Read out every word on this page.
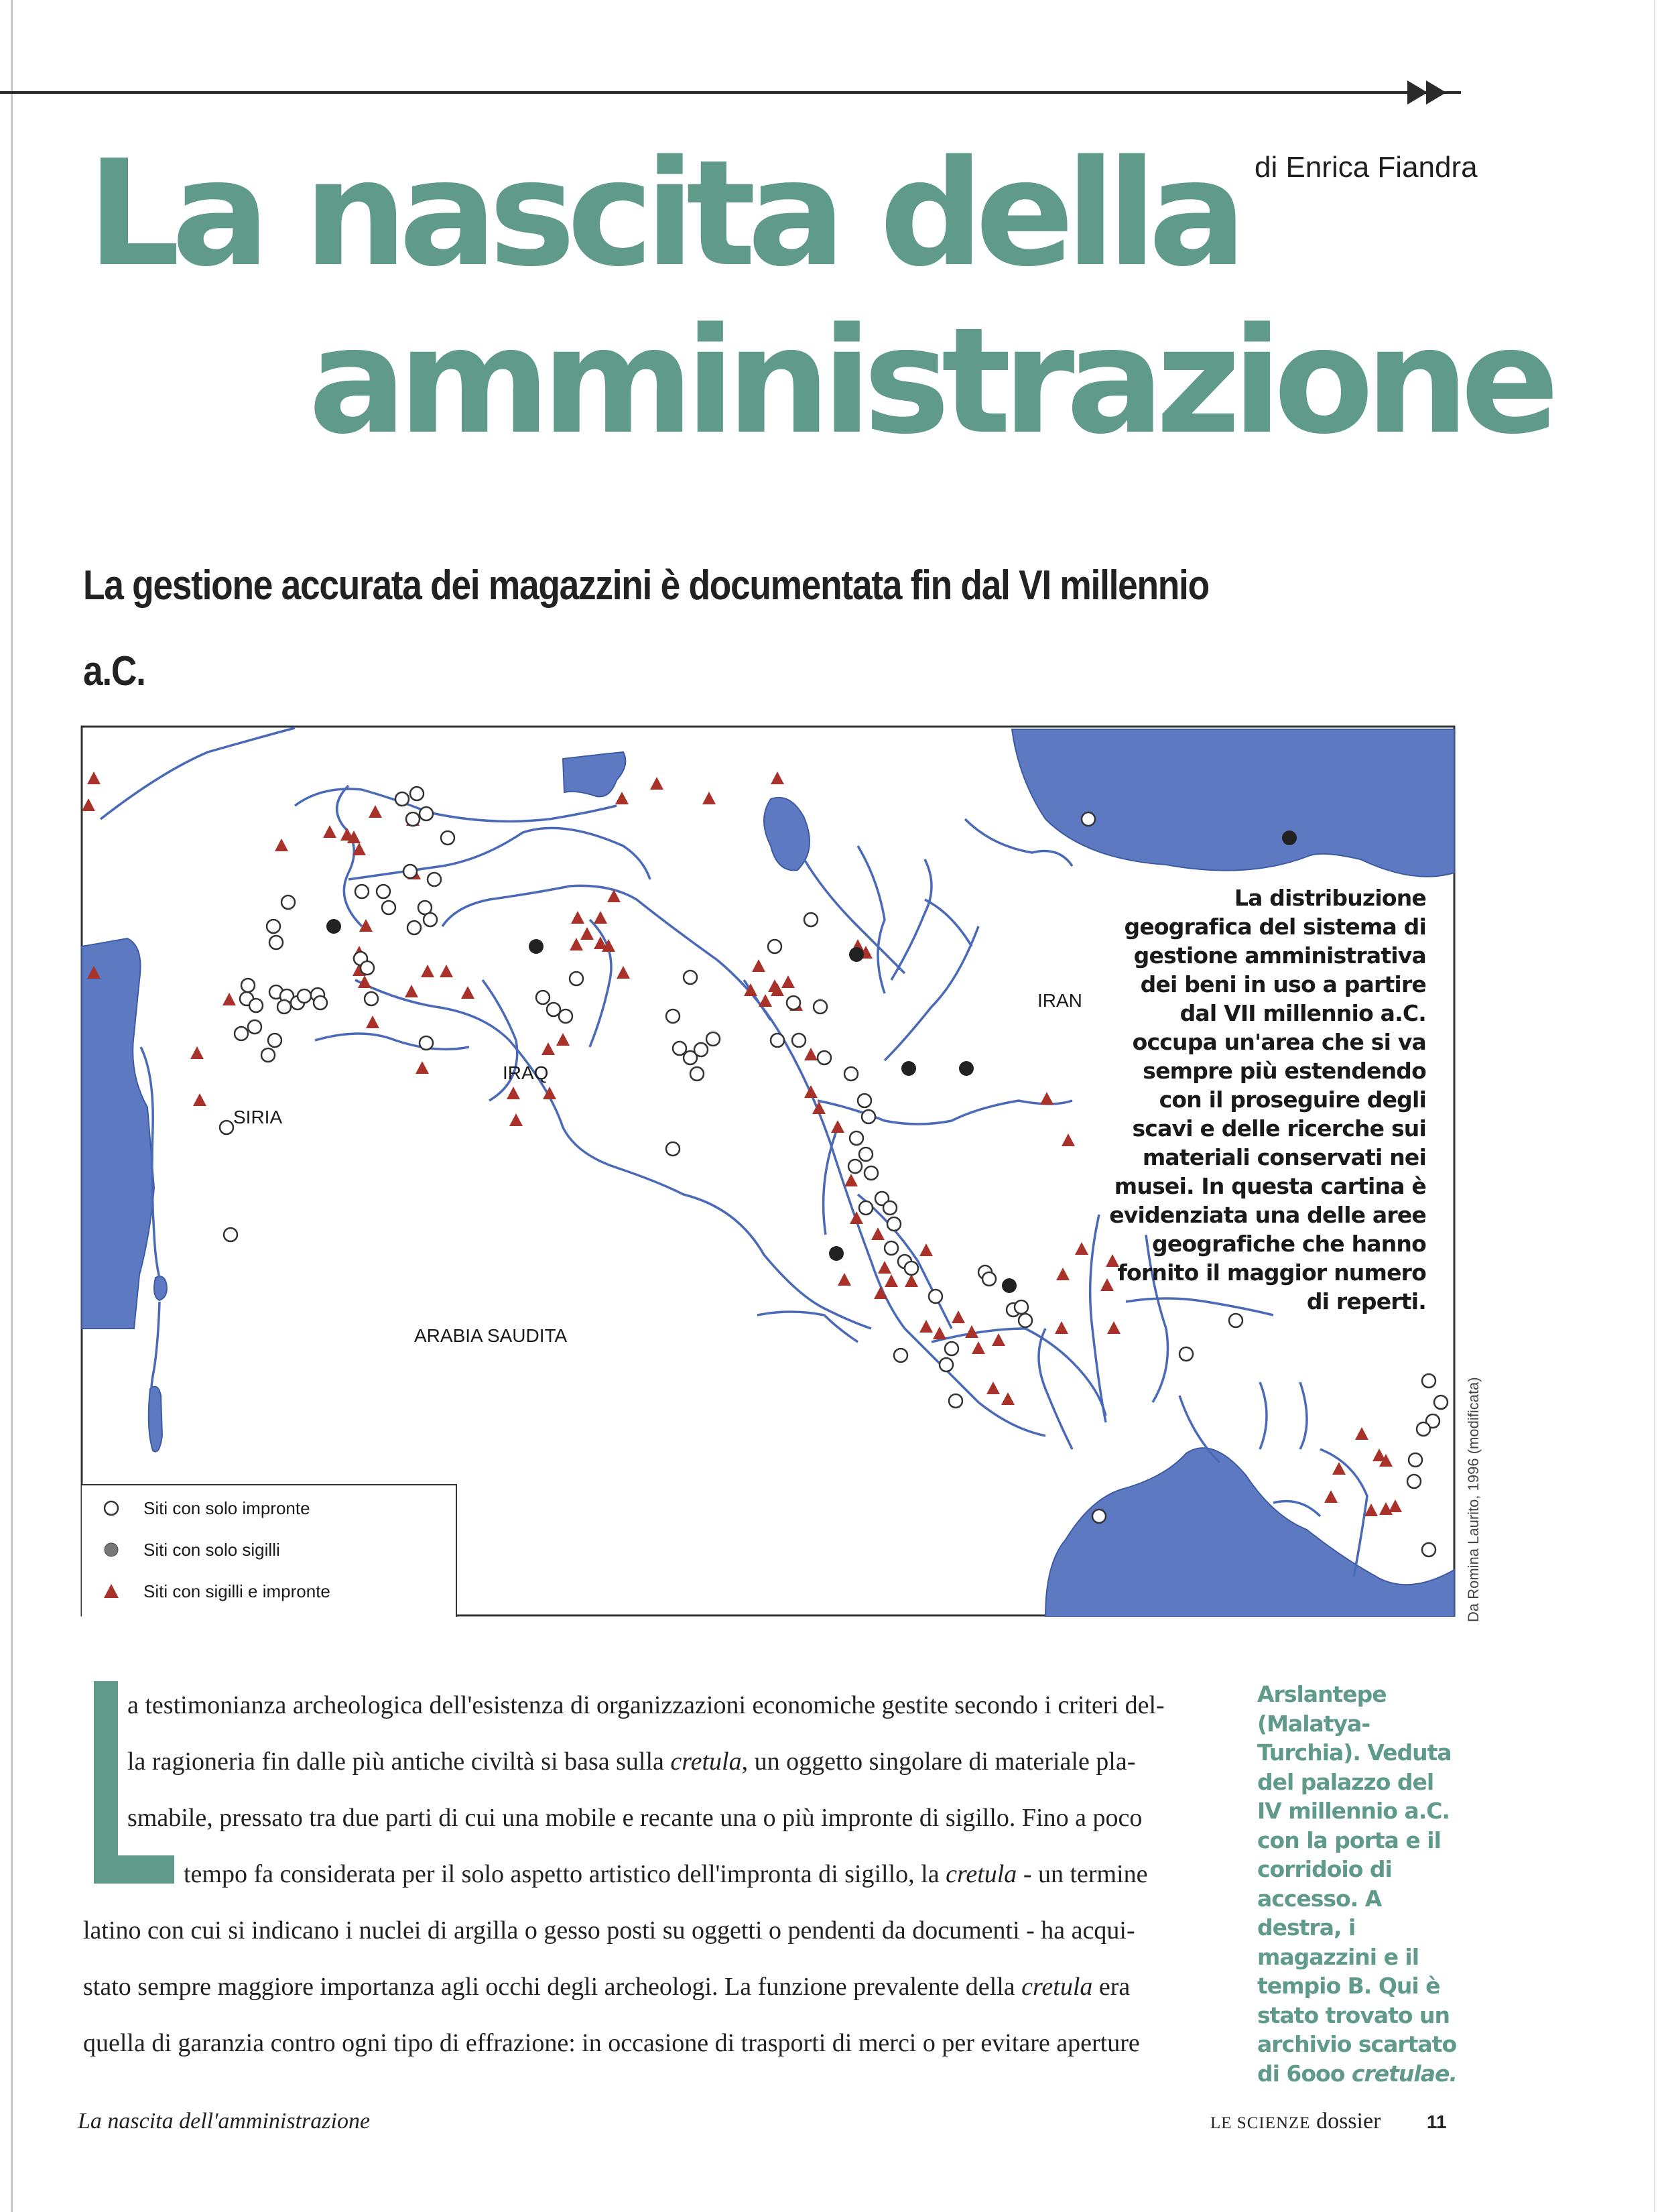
La nascita della
amministrazione
di Enrica Fiandra
La gestione accurata dei magazzini è documentata fin dal VI millennio a.C.

SIRIA
IRAQ
IRAN
ARABIA SAUDITA
La distribuzione geografica del sistema di gestione amministrativa dei beni in uso a partire dal VII millennio a.C. occupa un'area che si va sempre più estendendo con il proseguire degli scavi e delle ricerche sui materiali conservati nei musei. In questa cartina è evidenziata una delle aree geografiche che hanno fornito il maggior numero di reperti.
Da Romina Laurito, 1996 (modificata)
Siti con solo impronte
Siti con solo sigilli
Siti con sigilli e impronte
a testimonianza archeologica dell'esistenza di organizzazioni economiche gestite secondo i criteri del-
la ragioneria fin dalle più antiche civiltà si basa sulla cretula, un oggetto singolare di materiale pla-
smabile, pressato tra due parti di cui una mobile e recante una o più impronte di sigillo. Fino a poco
tempo fa considerata per il solo aspetto artistico dell'impronta di sigillo, la cretula - un termine
latino con cui si indicano i nuclei di argilla o gesso posti su oggetti o pendenti da documenti - ha acqui-
stato sempre maggiore importanza agli occhi degli archeologi. La funzione prevalente della cretula era
quella di garanzia contro ogni tipo di effrazione: in occasione di trasporti di merci o per evitare aperture
Arslantepe (Malatya-Turchia). Veduta del palazzo del IV millennio a.C. con la porta e il corridoio di accesso. A destra, i magazzini e il tempio B. Qui è stato trovato un archivio scartato di 6ooo cretulae.
La nascita dell'amministrazione	LE SCIENZE dossier 11
